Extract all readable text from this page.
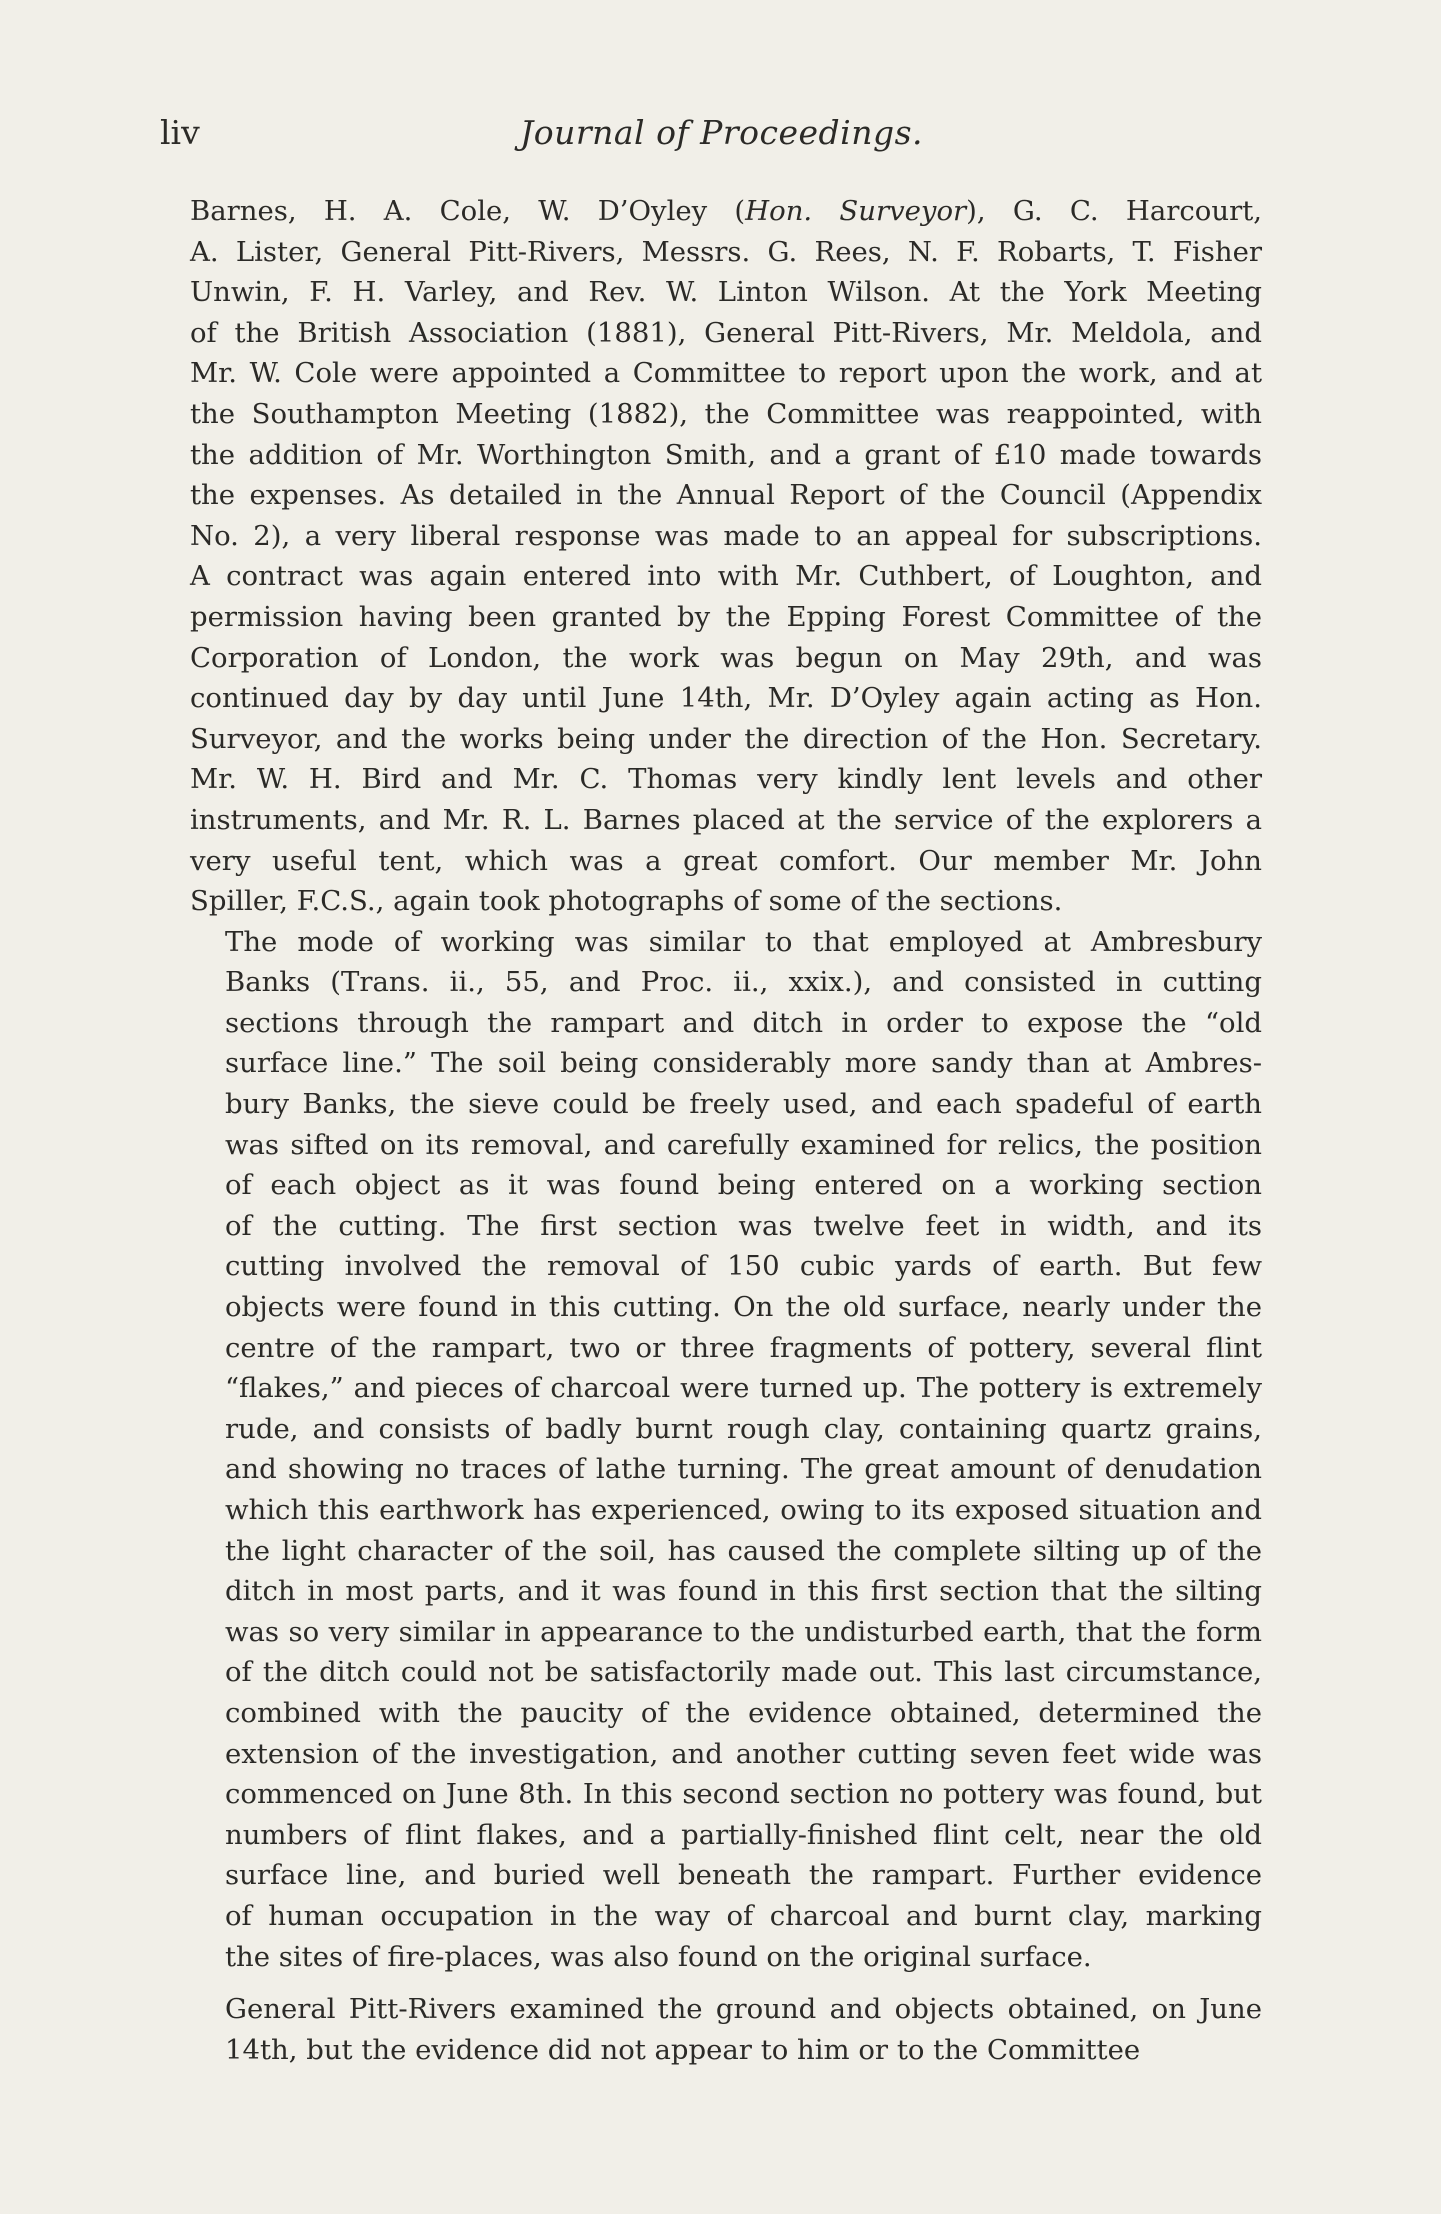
liv	Journal of Proceedings.

Barnes, H. A. Cole, W. D’Oyley (Hon. Surveyor), G. C. Harcourt,
A. Lister, General Pitt-Rivers, Messrs. G. Rees, N. F. Robarts, T. Fisher
Unwin, F. H. Varley, and Rev. W. Linton Wilson. At the York Meeting
of the British Association (1881), General Pitt-Rivers, Mr. Meldola, and
Mr. W. Cole were appointed a Committee to report upon the work, and at
the Southampton Meeting (1882), the Committee was reappointed, with
the addition of Mr. Worthington Smith, and a grant of £10 made towards
the expenses. As detailed in the Annual Report of the Council (Appendix
No. 2), a very liberal response was made to an appeal for subscriptions.
A contract was again entered into with Mr. Cuthbert, of Loughton, and
permission having been granted by the Epping Forest Committee of the
Corporation of London, the work was begun on May 29th, and was
continued day by day until June 14th, Mr. D’Oyley again acting as Hon.
Surveyor, and the works being under the direction of the Hon. Secretary.
Mr. W. H. Bird and Mr. C. Thomas very kindly lent levels and other
instruments, and Mr. R. L. Barnes placed at the service of the explorers a
very useful tent, which was a great comfort. Our member Mr. John
Spiller, F.C.S., again took photographs of some of the sections.

The mode of working was similar to that employed at Ambresbury
Banks (Trans. ii., 55, and Proc. ii., xxix.), and consisted in cutting
sections through the rampart and ditch in order to expose the “old
surface line.” The soil being considerably more sandy than at Ambres-
bury Banks, the sieve could be freely used, and each spadeful of earth
was sifted on its removal, and carefully examined for relics, the position
of each object as it was found being entered on a working section
of the cutting. The first section was twelve feet in width, and its
cutting involved the removal of 150 cubic yards of earth. But few
objects were found in this cutting. On the old surface, nearly under the
centre of the rampart, two or three fragments of pottery, several flint
“flakes,” and pieces of charcoal were turned up. The pottery is extremely
rude, and consists of badly burnt rough clay, containing quartz grains,
and showing no traces of lathe turning. The great amount of denudation
which this earthwork has experienced, owing to its exposed situation and
the light character of the soil, has caused the complete silting up of the
ditch in most parts, and it was found in this first section that the silting
was so very similar in appearance to the undisturbed earth, that the form
of the ditch could not be satisfactorily made out. This last circumstance,
combined with the paucity of the evidence obtained, determined the
extension of the investigation, and another cutting seven feet wide was
commenced on June 8th. In this second section no pottery was found, but
numbers of flint flakes, and a partially-finished flint celt, near the old
surface line, and buried well beneath the rampart. Further evidence
of human occupation in the way of charcoal and burnt clay, marking
the sites of fire-places, was also found on the original surface.

General Pitt-Rivers examined the ground and objects obtained, on June
14th, but the evidence did not appear to him or to the Committee
